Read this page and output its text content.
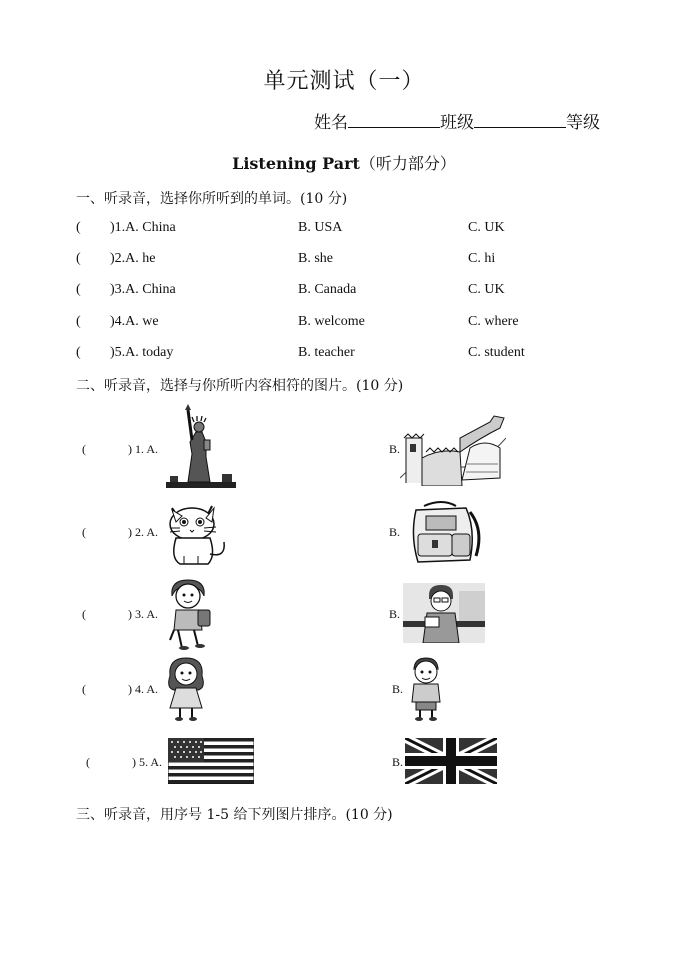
单元测试（一）
姓名	班级	等级
Listening Part（听力部分）
一、听录音，选择你所听到的单词。(10 分)
( )1.A. China	B. USA	C. UK
( )2.A. he	B. she	C. hi
( )3.A. China	B. Canada	C. UK
( )4.A. we	B. welcome	C. where
( )5.A. today	B. teacher	C. student
二、听录音，选择与你所听内容相符的图片。(10 分)
(	) 1. A.	B.
(	) 2. A.	B.
(	) 3. A.	B.
(	) 4. A.	B.
(	) 5. A.	B.
三、听录音，用序号 1-5 给下列图片排序。(10 分)
